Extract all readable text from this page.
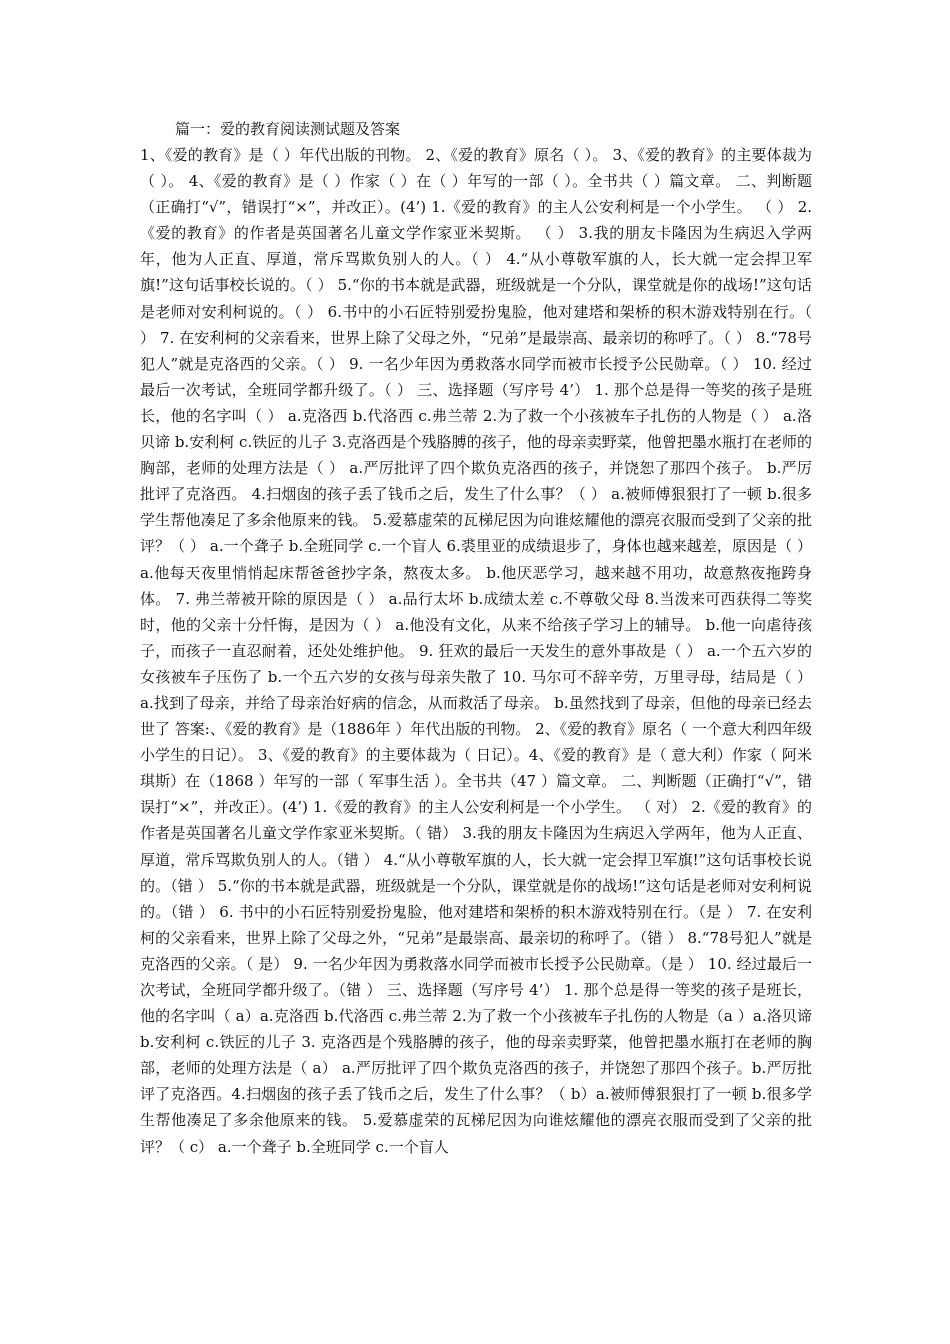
篇一：爱的教育阅读测试题及答案
1、《爱的教育》是（ ）年代出版的刊物。 2、《爱的教育》原名（ ）。 3、《爱的教育》的主要体裁为（ ）。 4、《爱的教育》是（ ）作家（ ）在（ ）年写的一部（ ）。全书共（ ）篇文章。 二、判断题（正确打“√”，错误打“×”，并改正）。(4’) 1.《爱的教育》的主人公安利柯是一个小学生。 （ ） 2.《爱的教育》的作者是英国著名儿童文学作家亚米契斯。 （ ） 3.我的朋友卡隆因为生病迟入学两年，他为人正直、厚道，常斥骂欺负别人的人。（ ） 4.“从小尊敬军旗的人，长大就一定会捍卫军旗!”这句话事校长说的。（ ） 5.“你的书本就是武器，班级就是一个分队，课堂就是你的战场!”这句话是老师对安利柯说的。（ ） 6.书中的小石匠特别爱扮鬼脸，他对建塔和架桥的积木游戏特别在行。（ ） 7. 在安利柯的父亲看来，世界上除了父母之外，“兄弟”是最崇高、最亲切的称呼了。（ ） 8.“78号犯人”就是克洛西的父亲。（ ） 9. 一名少年因为勇救落水同学而被市长授予公民勋章。（ ） 10. 经过最后一次考试，全班同学都升级了。（ ） 三、选择题（写序号 4’） 1. 那个总是得一等奖的孩子是班长，他的名字叫（ ） a.克洛西 b.代洛西 c.弗兰蒂 2.为了救一个小孩被车子扎伤的人物是（ ） a.洛贝谛 b.安利柯 c.铁匠的儿子 3.克洛西是个残胳膊的孩子，他的母亲卖野菜，他曾把墨水瓶打在老师的胸部，老师的处理方法是（ ） a.严厉批评了四个欺负克洛西的孩子，并饶恕了那四个孩子。 b.严厉批评了克洛西。 4.扫烟囱的孩子丢了钱币之后，发生了什么事？（ ） a.被师傅狠狠打了一顿 b.很多学生帮他凑足了多余他原来的钱。 5.爱慕虚荣的瓦梯尼因为向谁炫耀他的漂亮衣服而受到了父亲的批评？（ ） a.一个聋子 b.全班同学 c.一个盲人 6.裘里亚的成绩退步了，身体也越来越差，原因是（ ） a.他每天夜里悄悄起床帮爸爸抄字条，熬夜太多。 b.他厌恶学习，越来越不用功，故意熬夜拖跨身体。 7. 弗兰蒂被开除的原因是（ ） a.品行太坏 b.成绩太差 c.不尊敬父母 8.当泼来可西获得二等奖时，他的父亲十分忏悔，是因为（ ） a.他没有文化，从来不给孩子学习上的辅导。 b.他一向虐待孩子，而孩子一直忍耐着，还处处维护他。 9. 狂欢的最后一天发生的意外事故是（ ） a.一个五六岁的女孩被车子压伤了 b.一个五六岁的女孩与母亲失散了 10. 马尔可不辞辛劳，万里寻母，结局是（ ） a.找到了母亲，并给了母亲治好病的信念，从而救活了母亲。 b.虽然找到了母亲，但他的母亲已经去世了 答案:、《爱的教育》是（1886年 ）年代出版的刊物。 2、《爱的教育》原名（ 一个意大利四年级小学生的日记）。 3、《爱的教育》的主要体裁为（ 日记）。4、《爱的教育》是（ 意大利）作家（ 阿米琪斯）在（1868 ）年写的一部（ 军事生活 ）。全书共（47 ）篇文章。 二、判断题（正确打“√”，错误打“×”，并改正）。(4’) 1.《爱的教育》的主人公安利柯是一个小学生。 （ 对） 2.《爱的教育》的作者是英国著名儿童文学作家亚米契斯。（ 错） 3.我的朋友卡隆因为生病迟入学两年，他为人正直、厚道，常斥骂欺负别人的人。（错 ） 4.“从小尊敬军旗的人，长大就一定会捍卫军旗!”这句话事校长说的。（错 ） 5.“你的书本就是武器，班级就是一个分队，课堂就是你的战场!”这句话是老师对安利柯说的。（错 ） 6. 书中的小石匠特别爱扮鬼脸，他对建塔和架桥的积木游戏特别在行。（是 ） 7. 在安利柯的父亲看来，世界上除了父母之外，“兄弟”是最崇高、最亲切的称呼了。（错 ） 8.“78号犯人”就是克洛西的父亲。（ 是） 9. 一名少年因为勇救落水同学而被市长授予公民勋章。（是 ） 10. 经过最后一次考试，全班同学都升级了。（错 ） 三、选择题（写序号 4’） 1. 那个总是得一等奖的孩子是班长，他的名字叫（ a）a.克洛西 b.代洛西 c.弗兰蒂 2.为了救一个小孩被车子扎伤的人物是（a ）a.洛贝谛 b.安利柯 c.铁匠的儿子 3. 克洛西是个残胳膊的孩子，他的母亲卖野菜，他曾把墨水瓶打在老师的胸部，老师的处理方法是（ a） a.严厉批评了四个欺负克洛西的孩子，并饶恕了那四个孩子。b.严厉批评了克洛西。4.扫烟囱的孩子丢了钱币之后，发生了什么事？（ b）a.被师傅狠狠打了一顿 b.很多学生帮他凑足了多余他原来的钱。 5.爱慕虚荣的瓦梯尼因为向谁炫耀他的漂亮衣服而受到了父亲的批评？（ c） a.一个聋子 b.全班同学 c.一个盲人
